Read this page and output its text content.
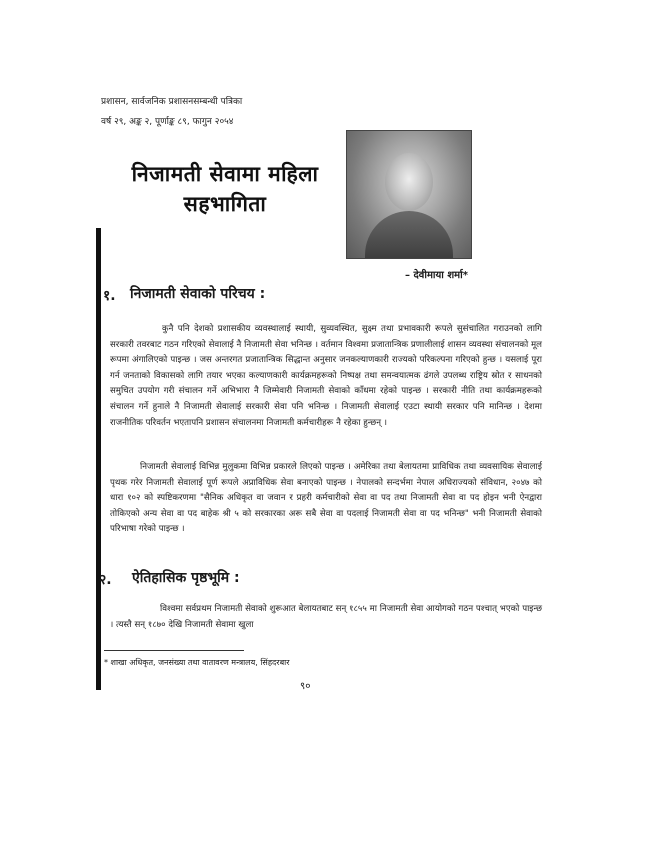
प्रशासन, सार्वजनिक प्रशासनसम्बन्धी पत्रिका
वर्ष २९, अङ्क २, पूर्णाङ्क ८९, फागुन २०५४
निजामती सेवामा महिला
सहभागिता
– देवीमाया शर्मा*
१. निजामती सेवाको परिचय :
कुनै पनि देशको प्रशासकीय व्यवस्थालाई स्थायी, सुव्यवस्थित, सुक्ष्म तथा प्रभावकारी रूपले सुसंचालित गराउनको लागि सरकारी तवरबाट गठन गरिएको सेवालाई नै निजामती सेवा भनिन्छ । वर्तमान विश्वमा प्रजातान्त्रिक प्रणालीलाई शासन व्यवस्था संचालनको मूल रूपमा अंगालिएको पाइन्छ । जस अन्तरगत प्रजातान्त्रिक सिद्धान्त अनुसार जनकल्याणकारी राज्यको परिकल्पना गरिएको हुन्छ । यसलाई पूरा गर्न जनताको विकासको लागि तयार भएका कल्याणकारी कार्यक्रमहरूको निष्पक्ष तथा समन्वयात्मक ढंगले उपलब्ध राष्ट्रिय स्रोत र साधनको समुचित उपयोग गरी संचालन गर्ने अभिभारा नै जिम्मेवारी निजामती सेवाको काँधमा रहेको पाइन्छ । सरकारी नीति तथा कार्यक्रमहरूको संचालन गर्ने हुनाले नै निजामती सेवालाई सरकारी सेवा पनि भनिन्छ । निजामती सेवालाई एउटा स्थायी सरकार पनि मानिन्छ । देशमा राजनीतिक परिवर्तन भएतापनि प्रशासन संचालनमा निजामती कर्मचारीहरू नै रहेका हुन्छन् ।
निजामती सेवालाई विभिन्न मुलुकमा विभिन्न प्रकारले लिएको पाइन्छ । अमेरिका तथा बेलायतमा प्राविधिक तथा व्यवसायिक सेवालाई पृथक गरेर निजामती सेवालाई पूर्ण रूपले अप्राविधिक सेवा बनाएको पाइन्छ । नेपालको सन्दर्भमा नेपाल अधिराज्यको संविधान, २०४७ को धारा १०२ को स्पष्टिकरणमा "सैनिक अधिकृत वा जवान र प्रहरी कर्मचारीको सेवा वा पद तथा निजामती सेवा वा पद होइन भनी ऐनद्वारा तोकिएको अन्य सेवा वा पद बाहेक श्री ५ को सरकारका अरू सबै सेवा वा पदलाई निजामती सेवा वा पद भनिन्छ" भनी निजामती सेवाको परिभाषा गरेको पाइन्छ ।
२. ऐतिहासिक पृष्ठभूमि :
विश्वमा सर्वप्रथम निजामती सेवाको शुरूआत बेलायतबाट सन् १८५५ मा निजामती सेवा आयोगको गठन पश्चात् भएको पाइन्छ । त्यस्तै सन् १८७० देखि निजामती सेवामा खुला
* शाखा अधिकृत, जनसंख्या तथा वातावरण मन्त्रालय, सिंहदरबार
९०
